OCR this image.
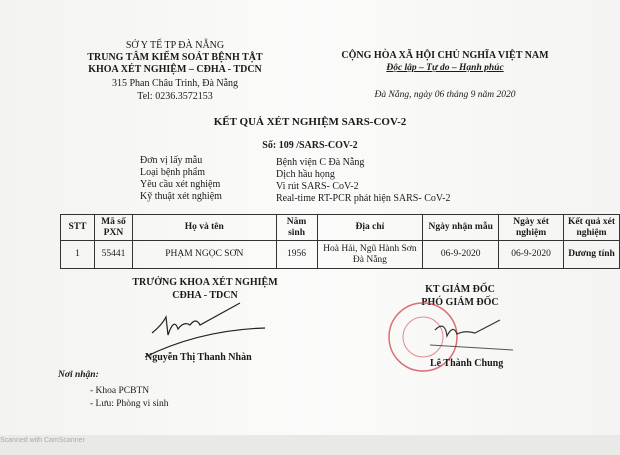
SỞ Y TẾ TP ĐÀ NẴNG
TRUNG TÂM KIỂM SOÁT BỆNH TẬT
KHOA XÉT NGHIỆM – CĐHA - TDCN
315 Phan Châu Trinh, Đà Nẵng
Tel: 0236.3572153
CỘNG HÒA XÃ HỘI CHỦ NGHĨA VIỆT NAM
Độc lập – Tự do – Hạnh phúc
Đà Nẵng, ngày 06 tháng 9 năm 2020
KẾT QUẢ XÉT NGHIỆM SARS-COV-2
Số: 109 /SARS-COV-2
Đơn vị lấy mẫu	Bệnh viện C Đà Nẵng
Loại bệnh phẩm	Dịch hầu họng
Yêu cầu xét nghiệm	Vi rút SARS- CoV-2
Kỹ thuật xét nghiệm	Real-time RT-PCR phát hiện SARS- CoV-2
STT	Mã số PXN	Họ và tên	Năm sinh	Địa chỉ	Ngày nhận mẫu	Ngày xét nghiệm	Kết quả xét nghiệm
1	55441	PHẠM NGỌC SƠN	1956	Hoà Hải, Ngũ Hành Sơn Đà Nẵng	06-9-2020	06-9-2020	Dương tính
TRƯỞNG KHOA XÉT NGHIỆM
CĐHA - TDCN
Nguyễn Thị Thanh Nhàn
KT GIÁM ĐỐC
PHÓ GIÁM ĐỐC
Lê Thành Chung
Nơi nhận:
- Khoa PCBTN
- Lưu: Phòng vi sinh
Scanned with CamScanner
